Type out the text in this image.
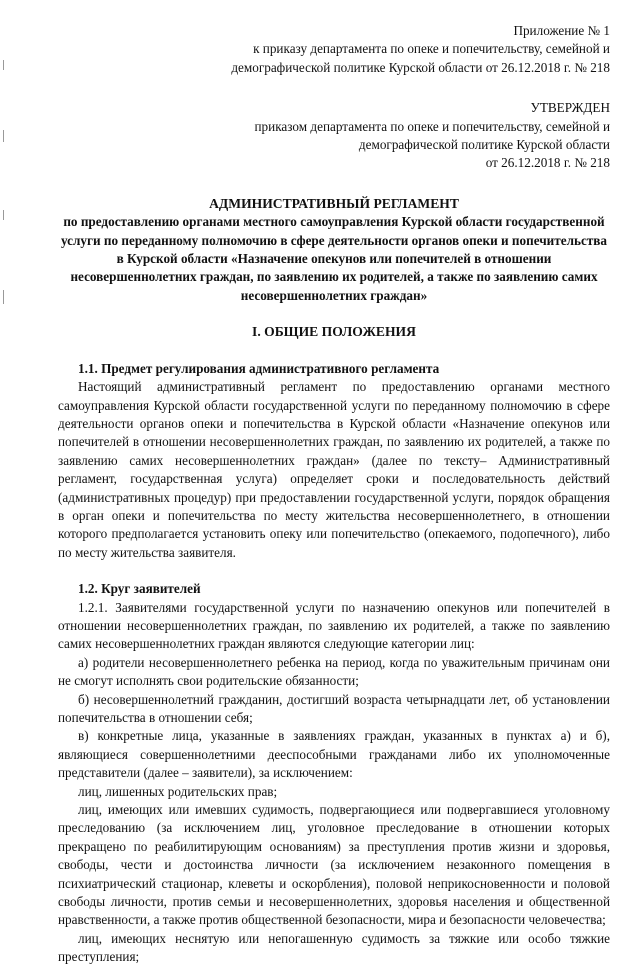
Приложение № 1

к приказу департамента по опеке и попечительству, семейной и

демографической политике Курской области от 26.12.2018 г. № 218

УТВЕРЖДЕН

приказом департамента по опеке и попечительству, семейной и

демографической политике Курской области

от 26.12.2018 г. № 218

АДМИНИСТРАТИВНЫЙ РЕГЛАМЕНТ

по предоставлению органами местного самоуправления Курской области государственной услуги по переданному полномочию в сфере деятельности органов опеки и попечительства в Курской области «Назначение опекунов или попечителей в отношении несовершеннолетних граждан, по заявлению их родителей, а также по заявлению самих несовершеннолетних граждан»

I. ОБЩИЕ ПОЛОЖЕНИЯ
1.1. Предмет регулирования административного регламента

Настоящий административный регламент по предоставлению органами местного самоуправления Курской области государственной услуги по переданному полномочию в сфере деятельности органов опеки и попечительства в Курской области «Назначение опекунов или попечителей в отношении несовершеннолетних граждан, по заявлению их родителей, а также по заявлению самих несовершеннолетних граждан» (далее по тексту– Административный регламент, государственная услуга) определяет сроки и последовательность действий (административных процедур) при предоставлении государственной услуги, порядок обращения в орган опеки и попечительства по месту жительства несовершеннолетнего, в отношении которого предполагается установить опеку или попечительство (опекаемого, подопечного), либо по месту жительства заявителя.

1.2. Круг заявителей

1.2.1. Заявителями государственной услуги по назначению опекунов или попечителей в отношении несовершеннолетних граждан, по заявлению их родителей, а также по заявлению самих несовершеннолетних граждан являются следующие категории лиц:

а) родители несовершеннолетнего ребенка на период, когда по уважительным причинам они не смогут исполнять свои родительские обязанности;

б) несовершеннолетний гражданин, достигший возраста четырнадцати лет, об установлении попечительства в отношении себя;

в) конкретные лица, указанные в заявлениях граждан, указанных в пунктах а) и б), являющиеся совершеннолетними дееспособными гражданами либо их уполномоченные представители (далее – заявители), за исключением:

лиц, лишенных родительских прав;

лиц, имеющих или имевших судимость, подвергающиеся или подвергавшиеся уголовному преследованию (за исключением лиц, уголовное преследование в отношении которых прекращено по реабилитирующим основаниям) за преступления против жизни и здоровья, свободы, чести и достоинства личности (за исключением незаконного помещения в психиатрический стационар, клеветы и оскорбления), половой неприкосновенности и половой свободы личности, против семьи и несовершеннолетних, здоровья населения и общественной нравственности, а также против общественной безопасности, мира и безопасности человечества;

лиц, имеющих неснятую или непогашенную судимость за тяжкие или особо тяжкие преступления;
